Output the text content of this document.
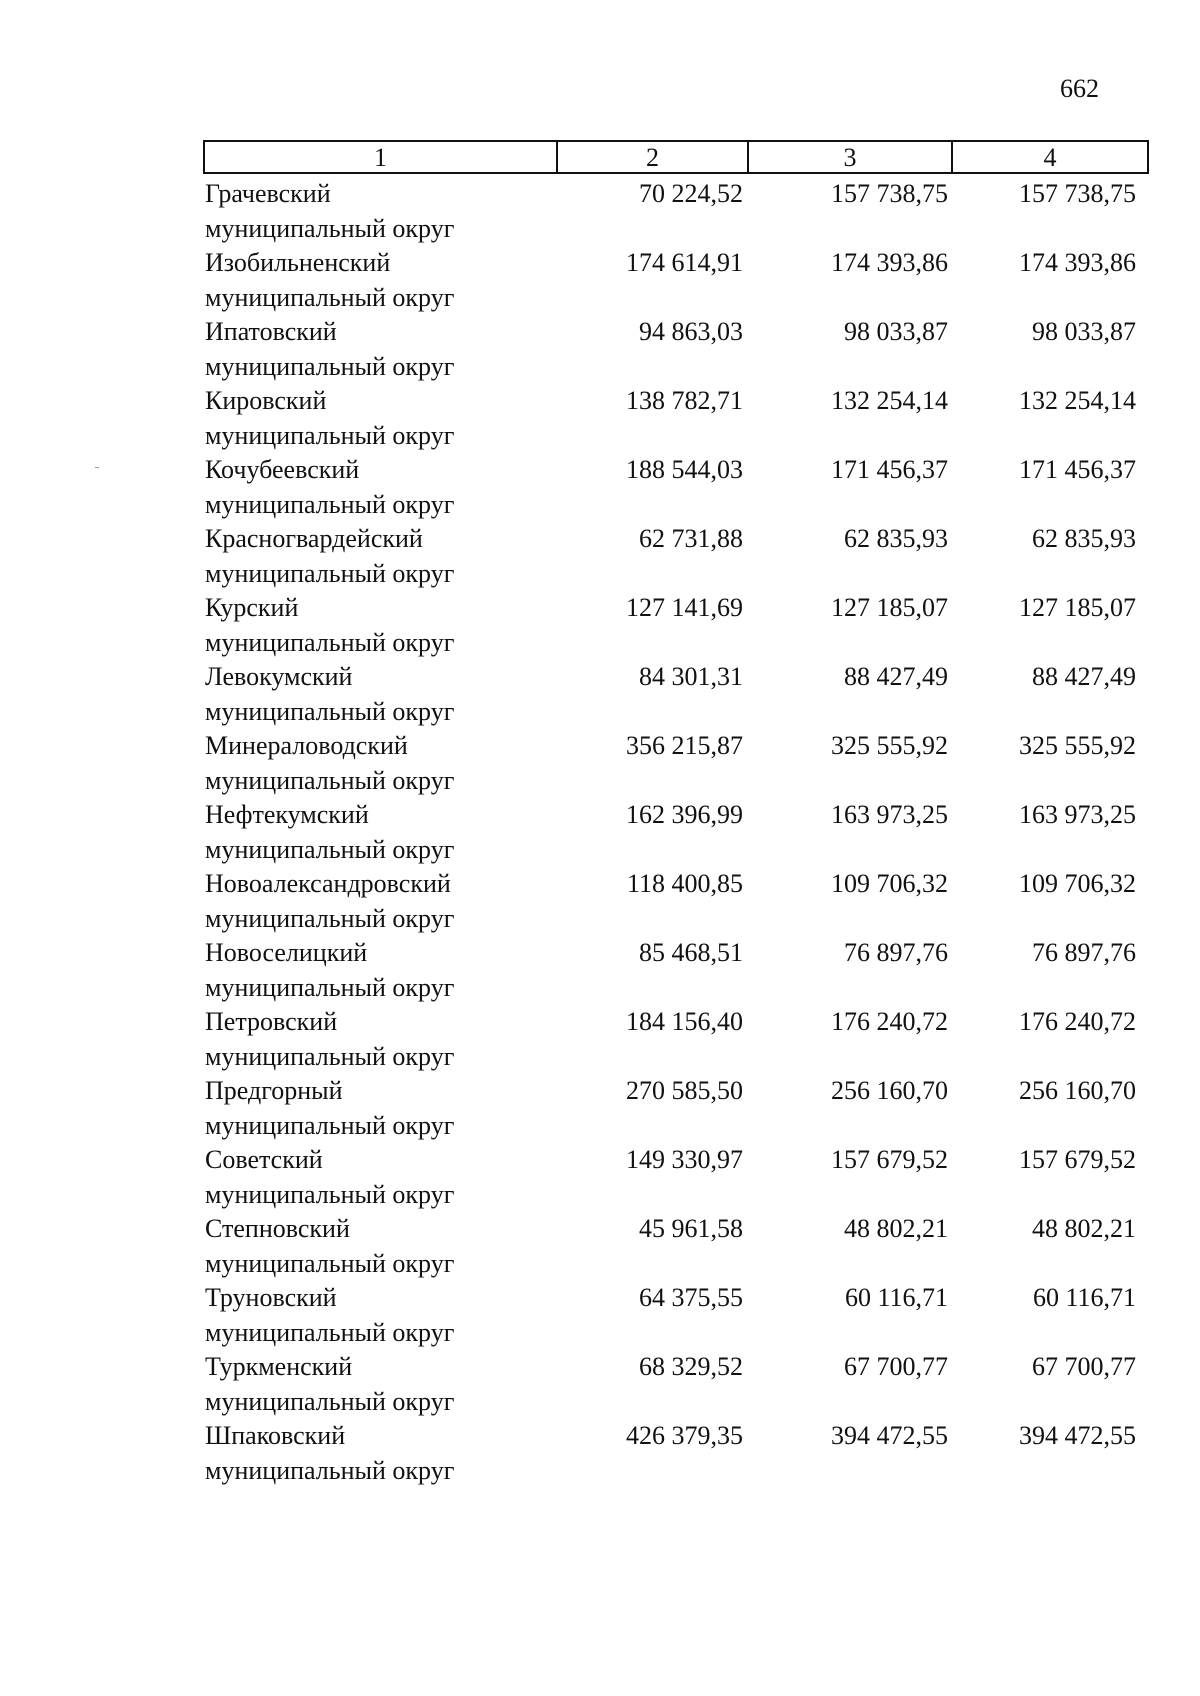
662
1	2	3	4
Грачевский
муниципальный округ
70 224,52	157 738,75	157 738,75
Изобильненский
муниципальный округ
174 614,91	174 393,86	174 393,86
Ипатовский
муниципальный округ
94 863,03	98 033,87	98 033,87
Кировский
муниципальный округ
138 782,71	132 254,14	132 254,14
Кочубеевский
муниципальный округ
188 544,03	171 456,37	171 456,37
Красногвардейский
муниципальный округ
62 731,88	62 835,93	62 835,93
Курский
муниципальный округ
127 141,69	127 185,07	127 185,07
Левокумский
муниципальный округ
84 301,31	88 427,49	88 427,49
Минераловодский
муниципальный округ
356 215,87	325 555,92	325 555,92
Нефтекумский
муниципальный округ
162 396,99	163 973,25	163 973,25
Новоалександровский
муниципальный округ
118 400,85	109 706,32	109 706,32
Новоселицкий
муниципальный округ
85 468,51	76 897,76	76 897,76
Петровский
муниципальный округ
184 156,40	176 240,72	176 240,72
Предгорный
муниципальный округ
270 585,50	256 160,70	256 160,70
Советский
муниципальный округ
149 330,97	157 679,52	157 679,52
Степновский
муниципальный округ
45 961,58	48 802,21	48 802,21
Труновский
муниципальный округ
64 375,55	60 116,71	60 116,71
Туркменский
муниципальный округ
68 329,52	67 700,77	67 700,77
Шпаковский
муниципальный округ
426 379,35	394 472,55	394 472,55
